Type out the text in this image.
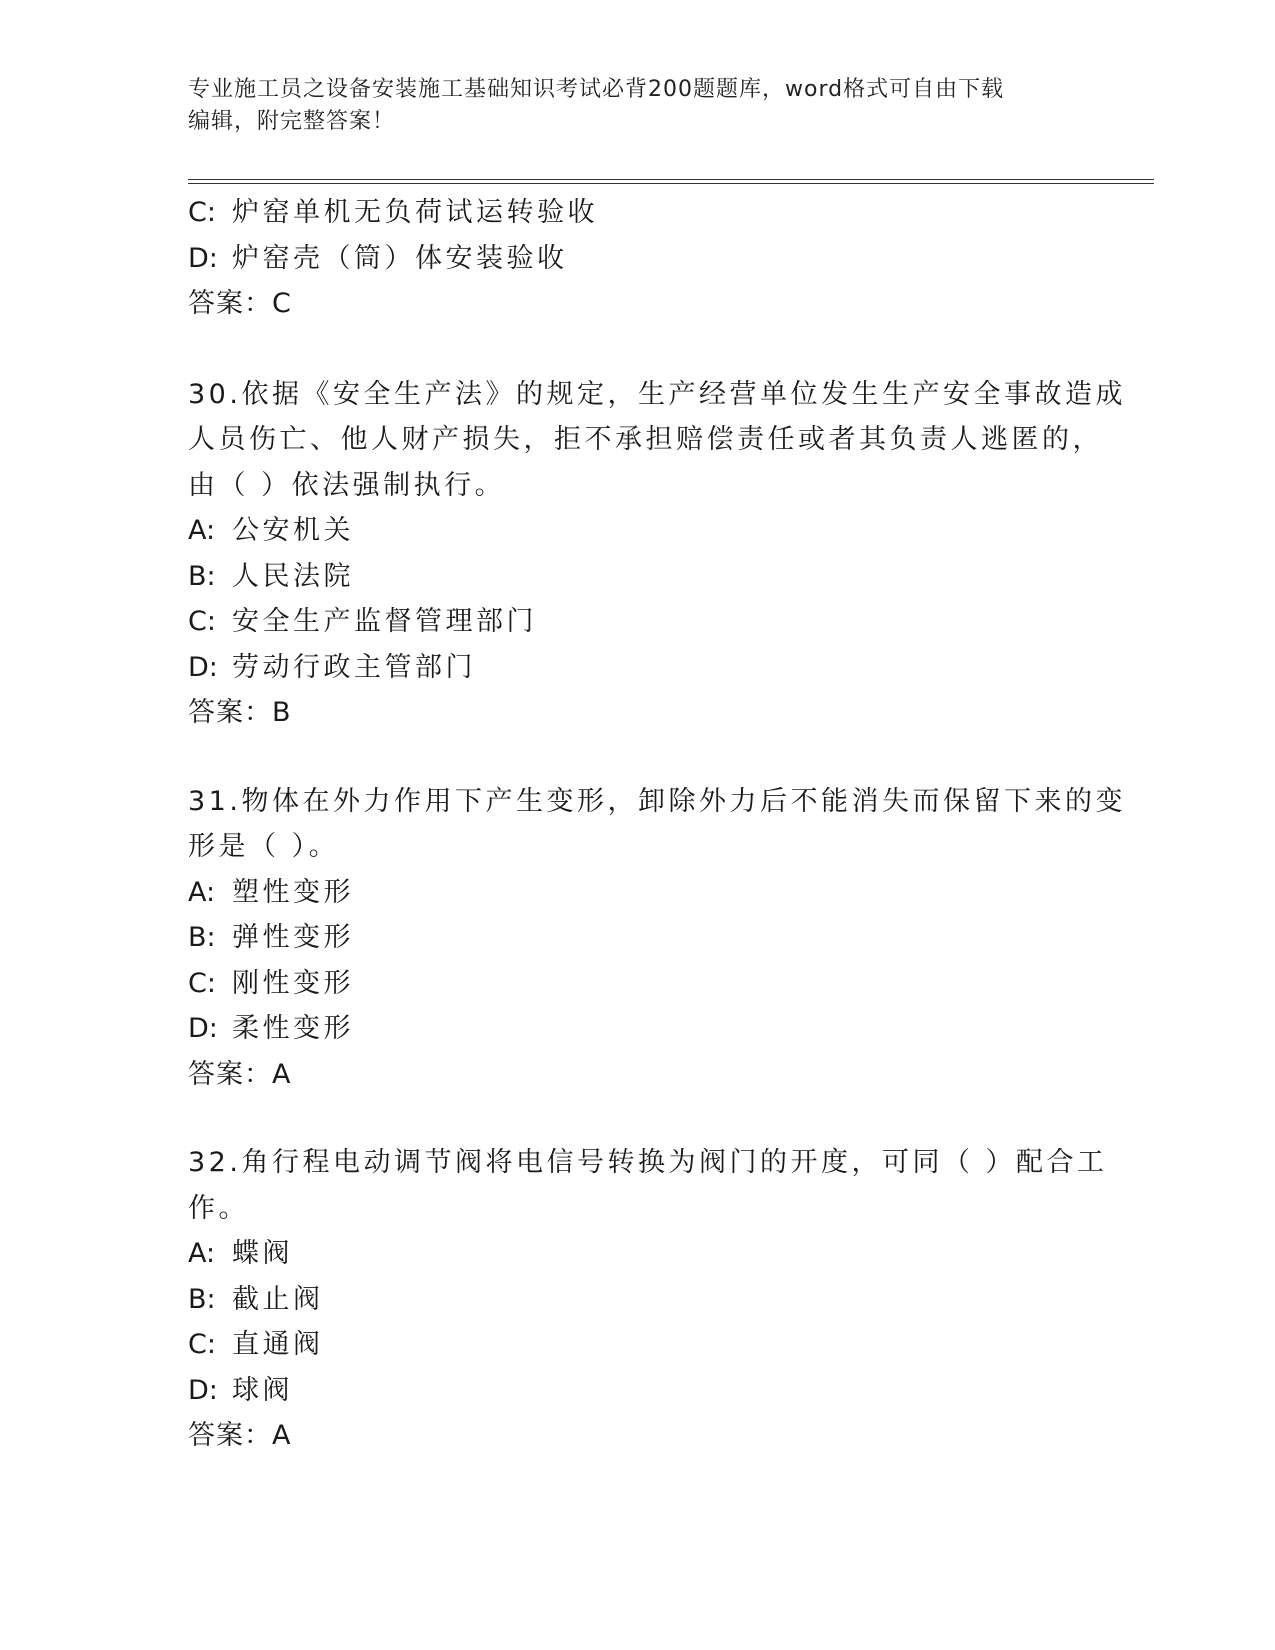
专业施工员之设备安装施工基础知识考试必背200题题库，word格式可自由下载
编辑，附完整答案！
C: 炉窑单机无负荷试运转验收
D: 炉窑壳（筒）体安装验收
答案：C
30.依据《安全生产法》的规定，生产经营单位发生生产安全事故造成
人员伤亡、他人财产损失，拒不承担赔偿责任或者其负责人逃匿的，
由（ ）依法强制执行。
A: 公安机关
B: 人民法院
C: 安全生产监督管理部门
D: 劳动行政主管部门
答案：B
31.物体在外力作用下产生变形，卸除外力后不能消失而保留下来的变
形是（ ）。
A: 塑性变形
B: 弹性变形
C: 刚性变形
D: 柔性变形
答案：A
32.角行程电动调节阀将电信号转换为阀门的开度，可同（ ）配合工
作。
A: 蝶阀
B: 截止阀
C: 直通阀
D: 球阀
答案：A
